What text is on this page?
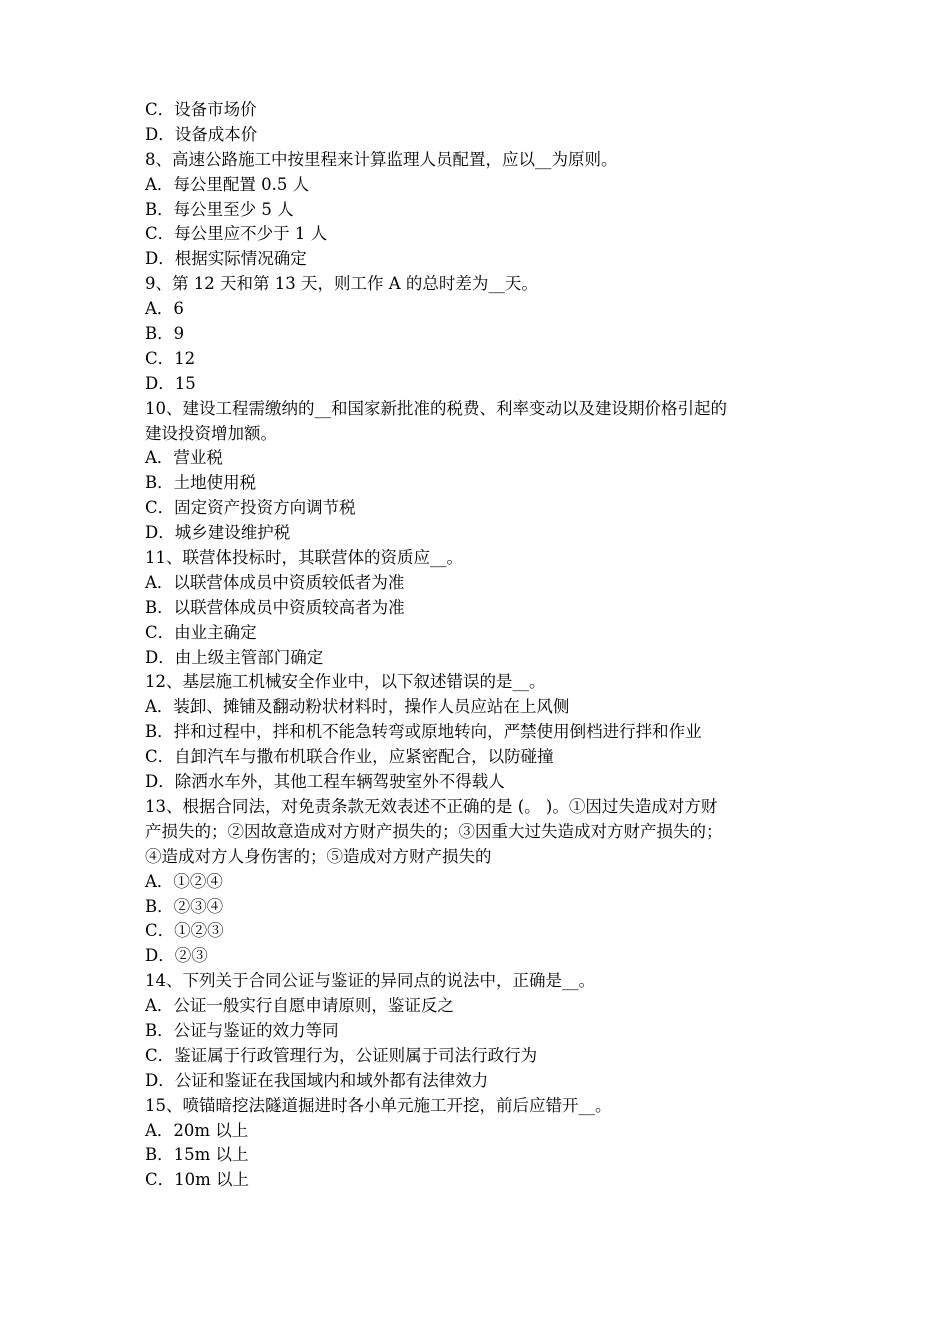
C．设备市场价
D．设备成本价
8、高速公路施工中按里程来计算监理人员配置，应以__为原则。
A．每公里配置 0.5 人
B．每公里至少 5 人
C．每公里应不少于 1 人
D．根据实际情况确定
9、第 12 天和第 13 天，则工作 A 的总时差为__天。
A．6
B．9
C．12
D．15
10、建设工程需缴纳的__和国家新批准的税费、利率变动以及建设期价格引起的
建设投资增加额。
A．营业税
B．土地使用税
C．固定资产投资方向调节税
D．城乡建设维护税
11、联营体投标时，其联营体的资质应__。
A．以联营体成员中资质较低者为准
B．以联营体成员中资质较高者为准
C．由业主确定
D．由上级主管部门确定
12、基层施工机械安全作业中，以下叙述错误的是__。
A．装卸、摊铺及翻动粉状材料时，操作人员应站在上风侧
B．拌和过程中，拌和机不能急转弯或原地转向，严禁使用倒档进行拌和作业
C．自卸汽车与撒布机联合作业，应紧密配合，以防碰撞
D．除洒水车外，其他工程车辆驾驶室外不得载人
13、根据合同法，对免责条款无效表述不正确的是 (。 )。①因过失造成对方财
产损失的；②因故意造成对方财产损失的；③因重大过失造成对方财产损失的；
④造成对方人身伤害的；⑤造成对方财产损失的
A．①②④
B．②③④
C．①②③
D．②③
14、下列关于合同公证与鉴证的异同点的说法中，正确是__。
A．公证一般实行自愿申请原则，鉴证反之
B．公证与鉴证的效力等同
C．鉴证属于行政管理行为，公证则属于司法行政行为
D．公证和鉴证在我国域内和域外都有法律效力
15、喷锚暗挖法隧道掘进时各小单元施工开挖，前后应错开__。
A．20m 以上
B．15m 以上
C．10m 以上
